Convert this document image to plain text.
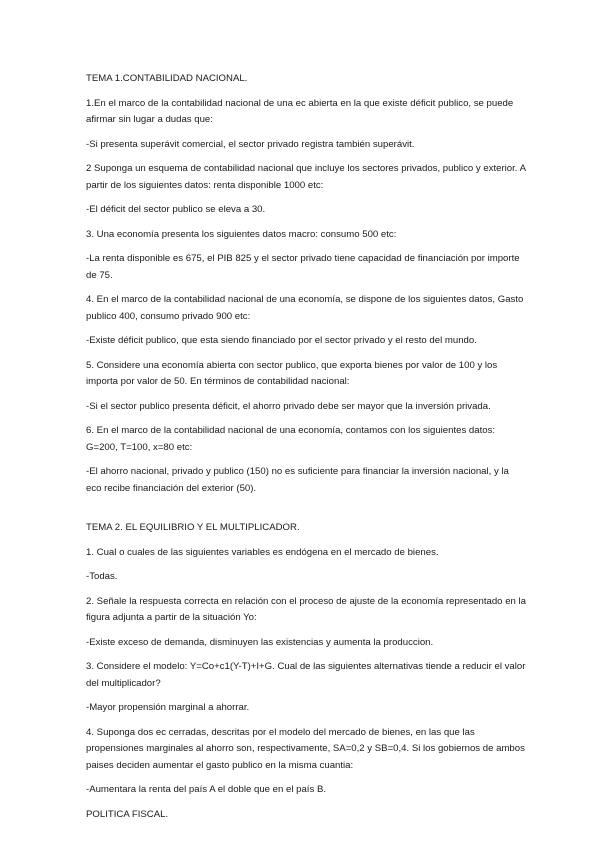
TEMA 1.CONTABILIDAD NACIONAL.

1.En el marco de la contabilidad nacional de una ec abierta en la que existe déficit publico, se puede afirmar sin lugar a dudas que:

-Si presenta superávit comercial, el sector privado registra también superávit.

2 Suponga un esquema de contabilidad nacional que incluye los sectores privados, publico y exterior. A partir de los siguientes datos: renta disponible 1000 etc:

-El déficit del sector publico se eleva a 30.

3. Una economía presenta los siguientes datos macro: consumo 500 etc:

-La renta disponible es 675, el PIB 825 y el sector privado tiene capacidad de financiación por importe de 75.

4. En el marco de la contabilidad nacional de una economía, se dispone de los siguientes datos, Gasto publico 400, consumo privado 900 etc:

-Existe déficit publico, que esta siendo financiado por el sector privado y el resto del mundo.

5. Considere una economía abierta con sector publico, que exporta bienes por valor de 100 y los importa por valor de 50. En términos de contabilidad nacional:

-Si el sector publico presenta déficit, el ahorro privado debe ser mayor que la inversión privada.

6. En el marco de la contabilidad nacional de una economía, contamos con los siguientes datos: G=200, T=100, x=80 etc:

-El ahorro nacional, privado y publico (150) no es suficiente para financiar la inversión nacional, y la eco recibe financiación del exterior (50).

TEMA 2. EL EQUILIBRIO Y EL MULTIPLICADOR.

1. Cual o cuales de las siguientes variables es endógena en el mercado de bienes.

-Todas.

2. Señale la respuesta correcta en relación con el proceso de ajuste de la economía representado en la figura adjunta a partir de la situación Yo:

-Existe exceso de demanda, disminuyen las existencias y aumenta la produccion.

3. Considere el modelo: Y=Co+c1(Y-T)+I+G. Cual de las siguientes alternativas tiende a reducir el valor del multiplicador?

-Mayor propensión marginal a ahorrar.

4. Suponga dos ec cerradas, descritas por el modelo del mercado de bienes, en las que las propensiones marginales al ahorro son, respectivamente, SA=0,2 y SB=0,4. Si los gobiernos de ambos paises deciden aumentar el gasto publico en la misma cuantia:

-Aumentara la renta del país A el doble que en el país B.

POLITICA FISCAL.
